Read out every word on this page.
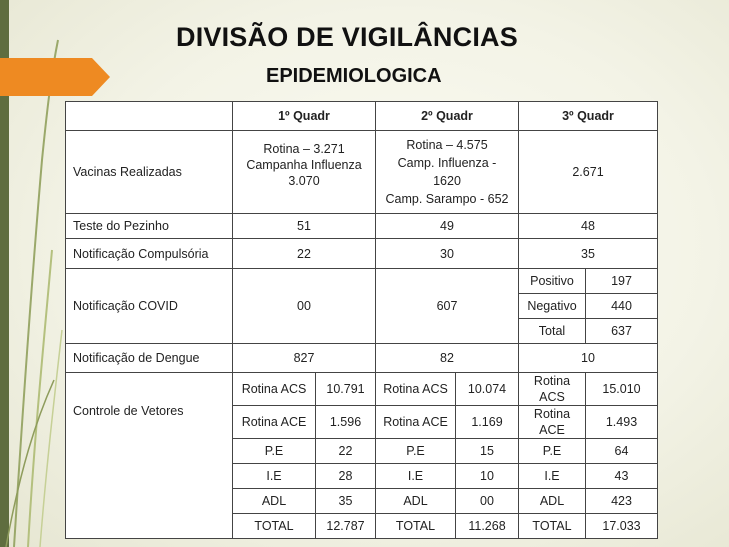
DIVISÃO DE VIGILÂNCIAS
EPIDEMIOLOGICA
	1º Quadr		2º Quadr		3º Quadr	
Vacinas Realizadas	Rotina – 3.271
Campanha Influenza
3.070		Rotina – 4.575
Camp. Influenza -
1620
Camp. Sarampo - 652		2.671	
Teste do Pezinho	51		49		48	
Notificação Compulsória	22		30		35	
Notificação COVID	00		607		Positivo	197
					Negativo	440
					Total	637
Notificação de Dengue	827		82		10	
Controle de Vetores	Rotina ACS	10.791	Rotina ACS	10.074	Rotina ACS	15.010
	Rotina ACE	1.596	Rotina ACE	1.169	Rotina ACE	1.493
	P.E	22	P.E	15	P.E	64
	I.E	28	I.E	10	I.E	43
	ADL	35	ADL	00	ADL	423
	TOTAL	12.787	TOTAL	11.268	TOTAL	17.033
